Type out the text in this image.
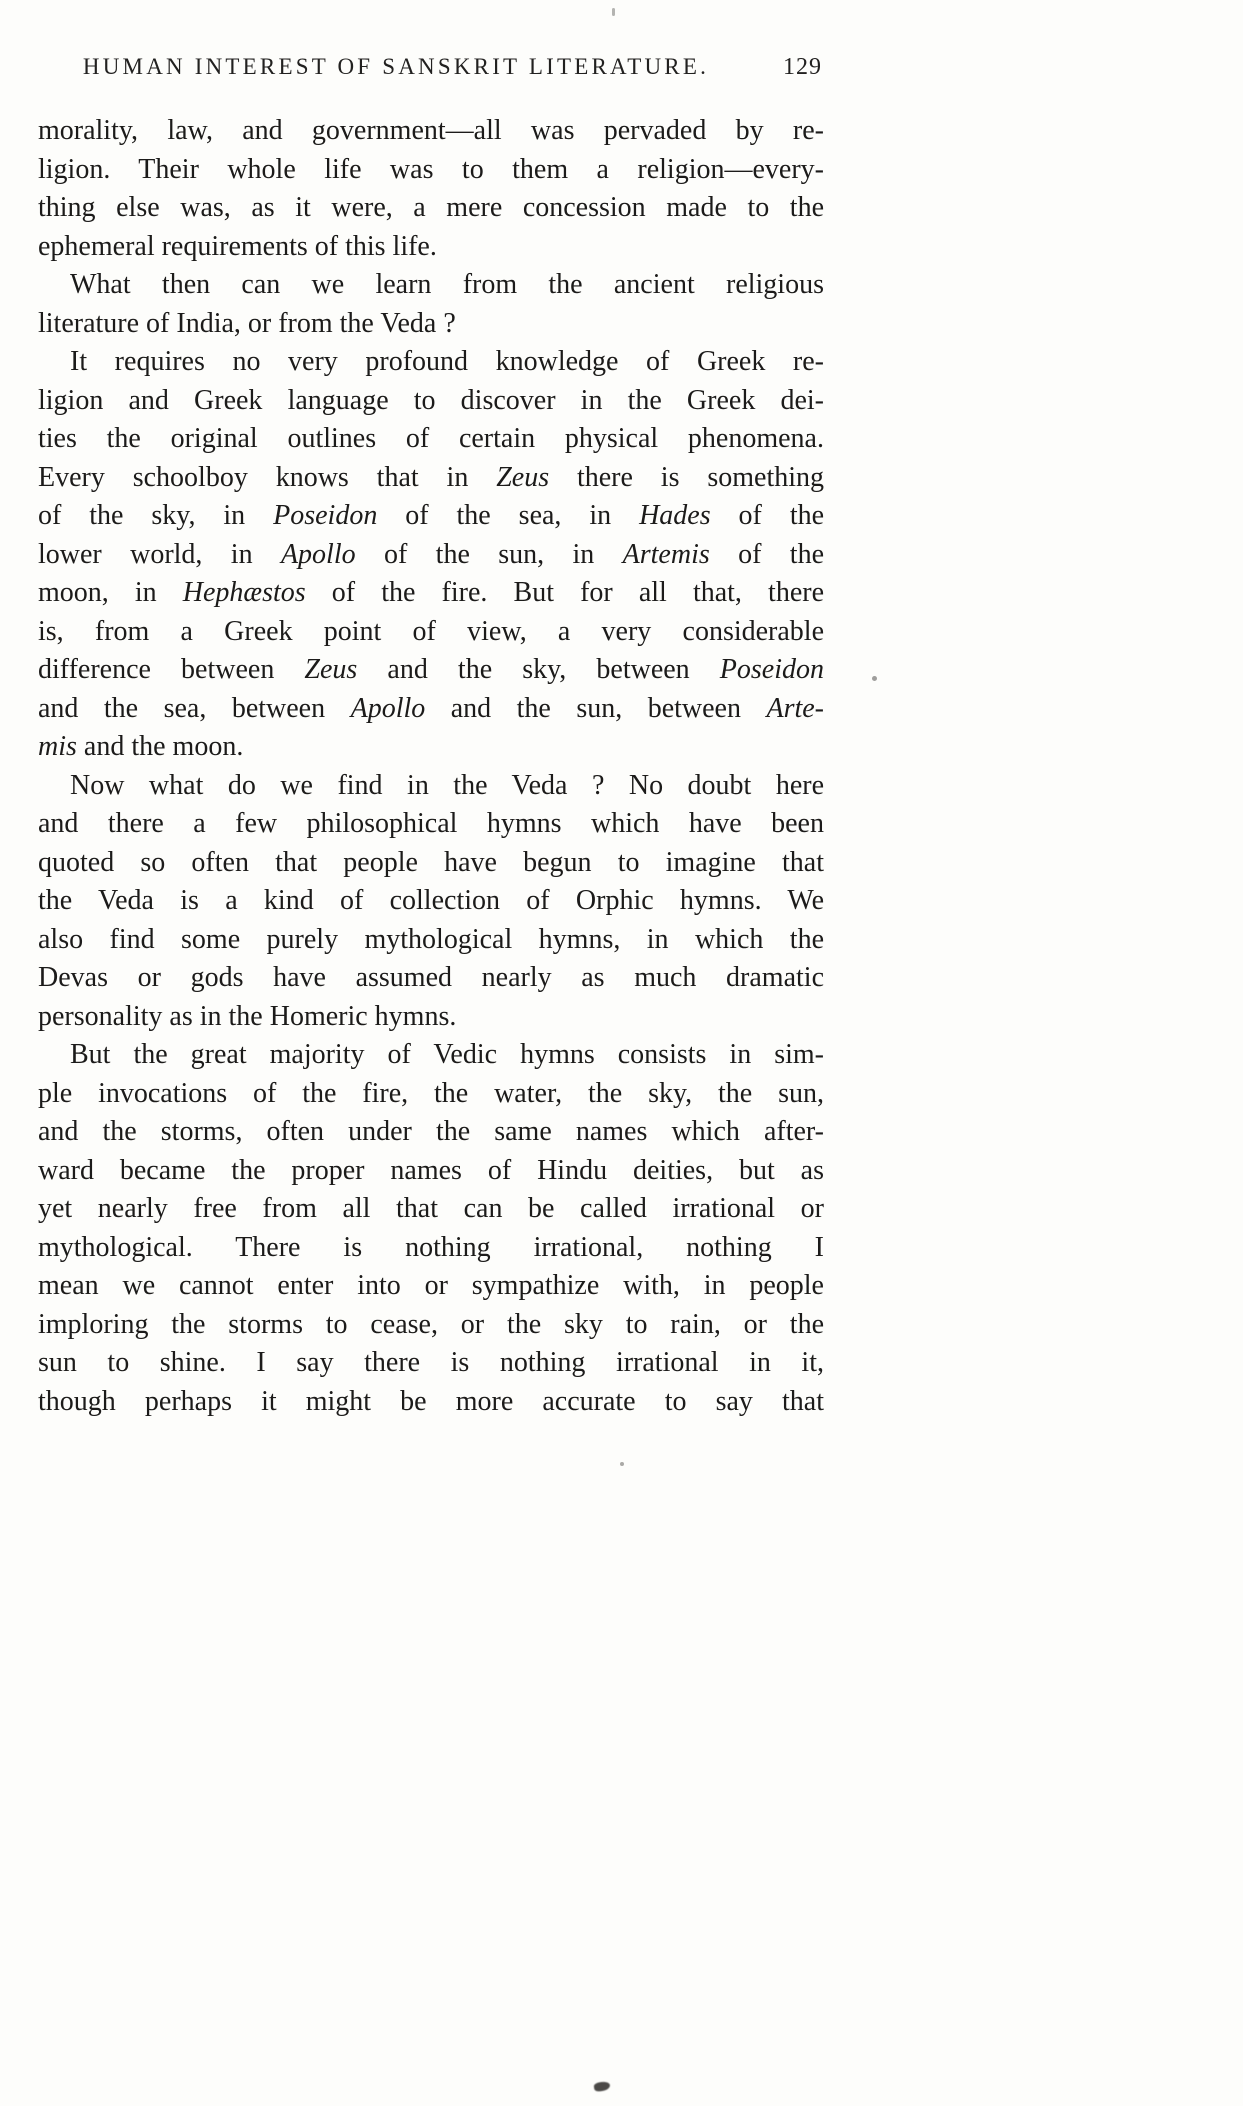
HUMAN INTEREST OF SANSKRIT LITERATURE.	129
morality, law, and government—all was pervaded by re-
ligion. Their whole life was to them a religion—every-
thing else was, as it were, a mere concession made to the
ephemeral requirements of this life.
What then can we learn from the ancient religious
literature of India, or from the Veda ?
It requires no very profound knowledge of Greek re-
ligion and Greek language to discover in the Greek dei-
ties the original outlines of certain physical phenomena.
Every schoolboy knows that in Zeus there is something
of the sky, in Poseidon of the sea, in Hades of the
lower world, in Apollo of the sun, in Artemis of the
moon, in Hephæstos of the fire. But for all that, there
is, from a Greek point of view, a very considerable
difference between Zeus and the sky, between Poseidon
and the sea, between Apollo and the sun, between Arte-
mis and the moon.
Now what do we find in the Veda ? No doubt here
and there a few philosophical hymns which have been
quoted so often that people have begun to imagine that
the Veda is a kind of collection of Orphic hymns. We
also find some purely mythological hymns, in which the
Devas or gods have assumed nearly as much dramatic
personality as in the Homeric hymns.
But the great majority of Vedic hymns consists in sim-
ple invocations of the fire, the water, the sky, the sun,
and the storms, often under the same names which after-
ward became the proper names of Hindu deities, but as
yet nearly free from all that can be called irrational or
mythological. There is nothing irrational, nothing I
mean we cannot enter into or sympathize with, in people
imploring the storms to cease, or the sky to rain, or the
sun to shine. I say there is nothing irrational in it,
though perhaps it might be more accurate to say that
